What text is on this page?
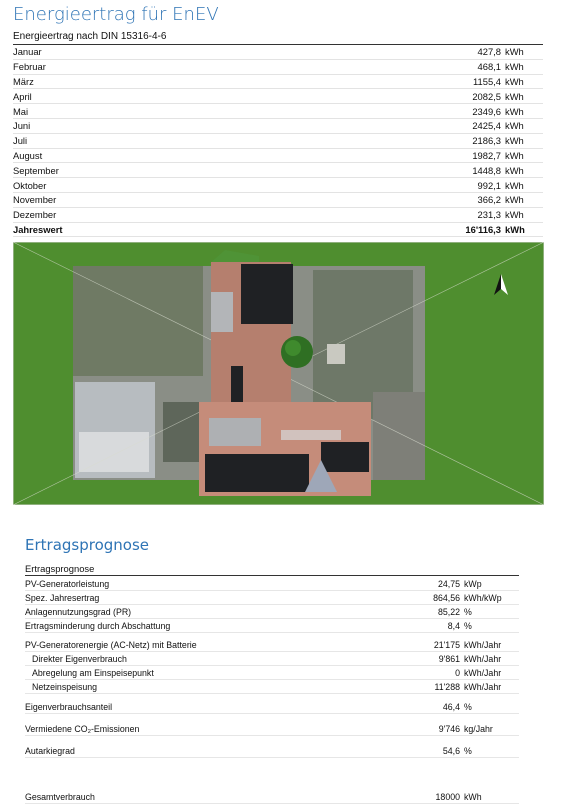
Energieertrag für EnEV
Energieertrag nach DIN 15316-4-6
Januar	427,8 kWh
Februar	468,1 kWh
März	1155,4 kWh
April	2082,5 kWh
Mai	2349,6 kWh
Juni	2425,4 kWh
Juli	2186,3 kWh
August	1982,7 kWh
September	1448,8 kWh
Oktober	992,1 kWh
November	366,2 kWh
Dezember	231,3 kWh
Jahreswert	16'116,3 kWh
Ertragsprognose
Ertragsprognose
PV-Generatorleistung	24,75 kWp
Spez. Jahresertrag	864,56 kWh/kWp
Anlagennutzungsgrad (PR)	85,22 %
Ertragsminderung durch Abschattung	8,4 %
PV-Generatorenergie (AC-Netz) mit Batterie	21'175 kWh/Jahr
Direkter Eigenverbrauch	9'861 kWh/Jahr
Abregelung am Einspeisepunkt	0 kWh/Jahr
Netzeinspeisung	11'288 kWh/Jahr
Eigenverbrauchsanteil	46,4 %
Vermiedene CO₂-Emissionen	9'746 kg/Jahr
Autarkiegrad	54,6 %
Gesamtverbrauch	18000 kWh
